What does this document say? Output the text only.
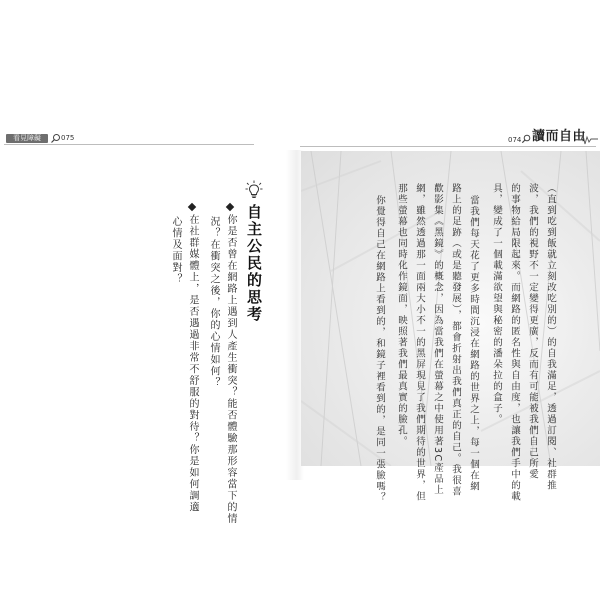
看見障礙	075	074 讀而自由
（直到吃到飯就立刻改吃別的）的自我滿足，透過訂閱、社群推
波，我們的視野不一定變得更廣，反而有可能被我們自己所愛
的事物給局限起來。而網路的匿名性與自由度，也讓我們手中的載
具，變成了一個載滿欲望與秘密的潘朵拉的盒子。
當我們每天花了更多時間沉浸在網路的世界之上，每一個在網
路上的足跡（或是聽發展），都會折射出我們真正的自己。我很喜
歡影集《黑鏡》的概念，因為當我們在螢幕之中使用著3C產品上
網，雖然透過那一面兩大小不一的黑屏現見了我們期待的世界，但
那些螢幕也同時化作鏡面，映照著我們最真實的臉孔。
你覺得自己在網路上看到的，和鏡子裡看到的，是同一張臉嗎？
自主公民的思考
你是否曾在網路上遇到人產生衝突？能否體驗那形容當下的情
況？在衝突之後，你的心情如何？
在社群媒體上，是否遇過非常不舒服的對待？你是如何調適
心情及面對？
